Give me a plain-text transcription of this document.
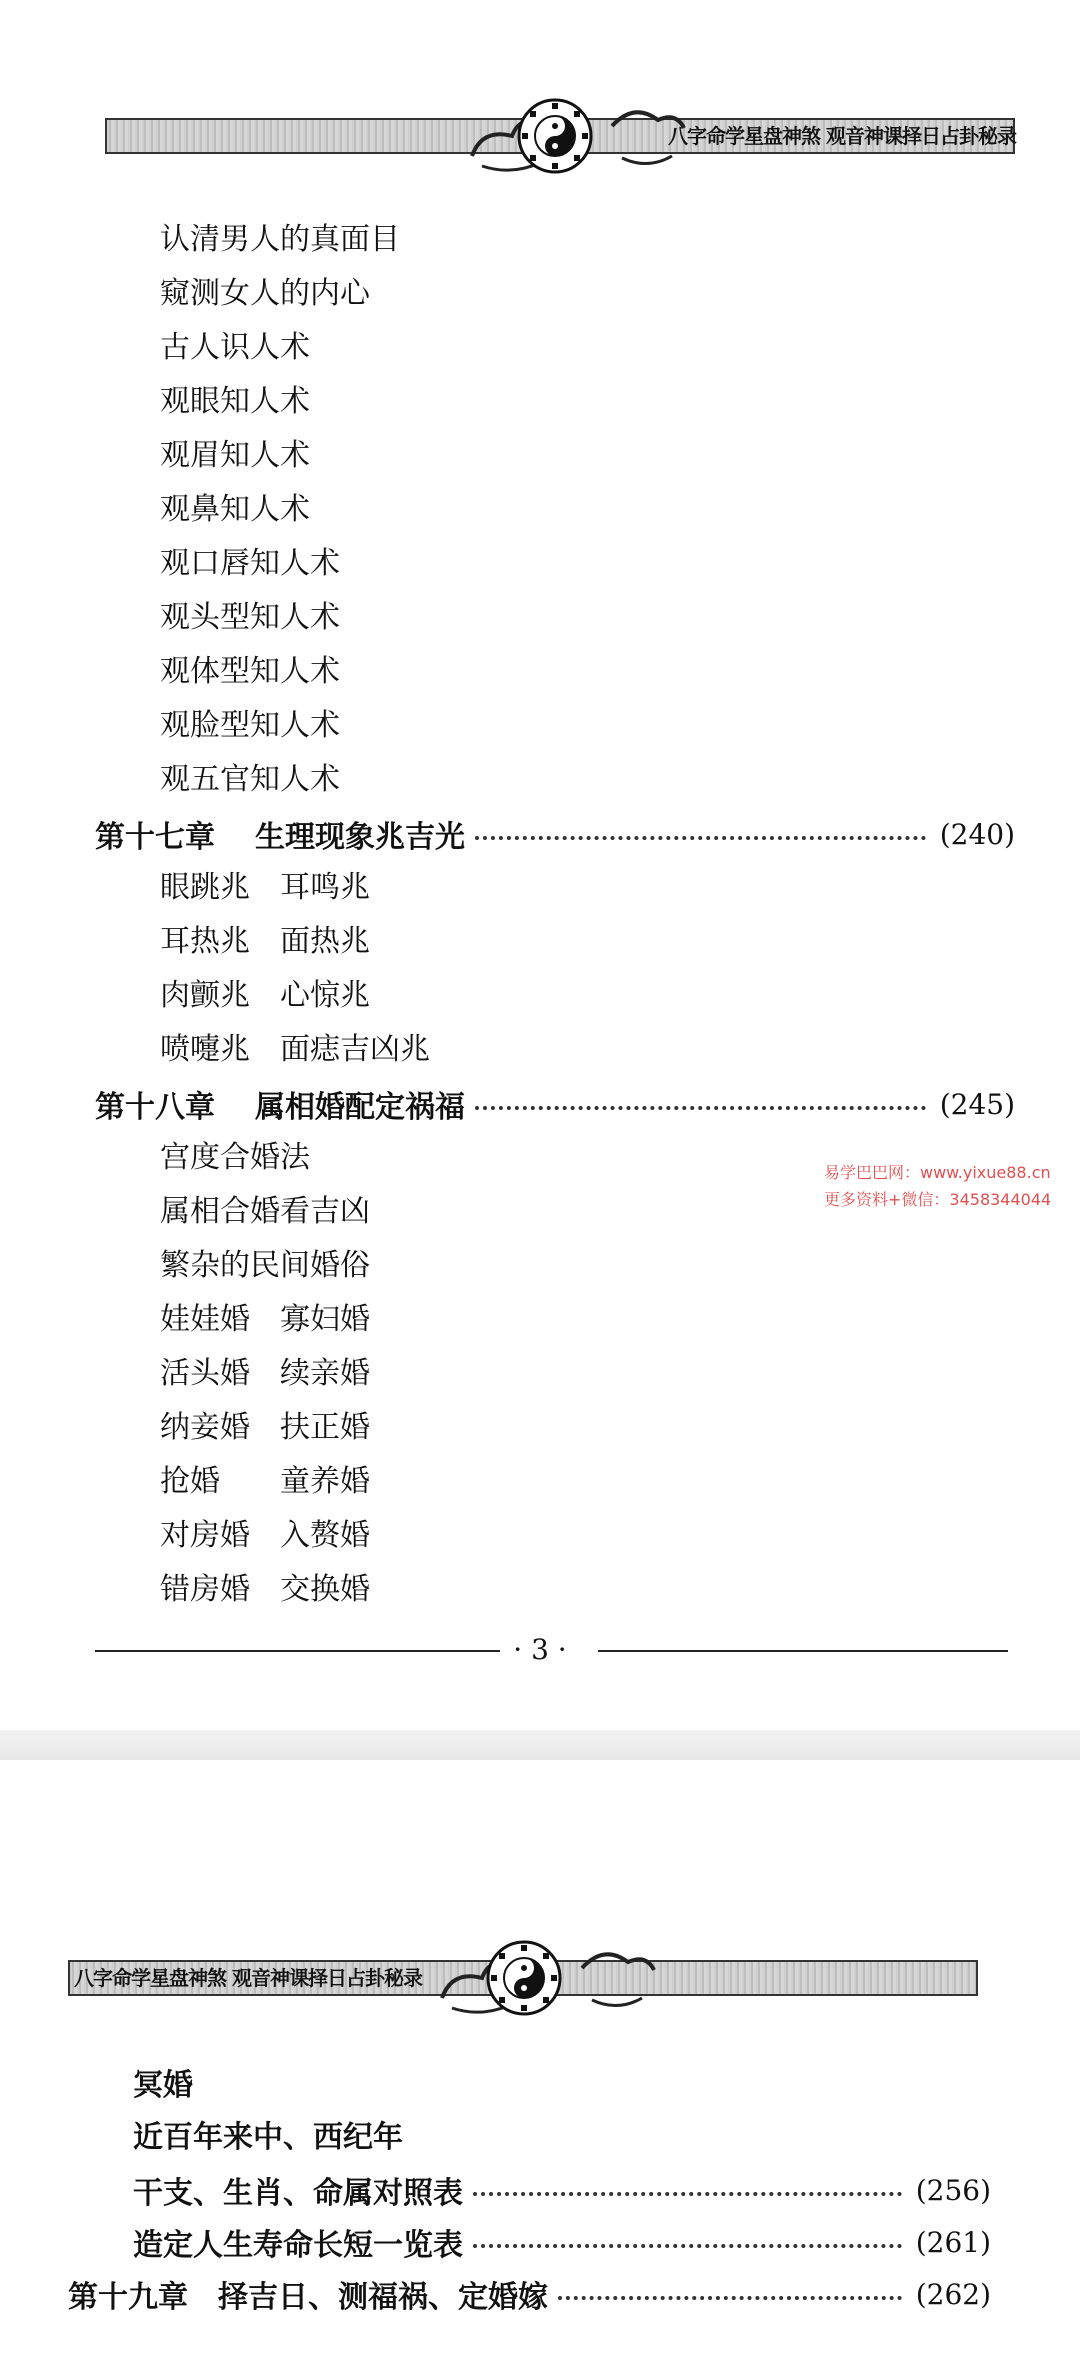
八字命学星盘神煞 观音神课择日占卦秘录
认清男人的真面目
窥测女人的内心
古人识人术
观眼知人术
观眉知人术
观鼻知人术
观口唇知人术
观头型知人术
观体型知人术
观脸型知人术
观五官知人术
第十七章	生理现象兆吉光	(240)
眼跳兆　耳鸣兆
耳热兆　面热兆
肉颤兆　心惊兆
喷嚏兆　面痣吉凶兆
第十八章	属相婚配定祸福	(245)
宫度合婚法
属相合婚看吉凶
繁杂的民间婚俗
娃娃婚　寡妇婚
活头婚　续亲婚
纳妾婚　扶正婚
抢婚　　童养婚
对房婚　入赘婚
错房婚　交换婚
· 3 ·
易学巴巴网：www.yixue88.cn
更多资料+微信：3458344044
八字命学星盘神煞 观音神课择日占卦秘录
冥婚
近百年来中、西纪年
干支、生肖、命属对照表	(256)
造定人生寿命长短一览表	(261)
第十九章	择吉日、测福祸、定婚嫁	(262)
